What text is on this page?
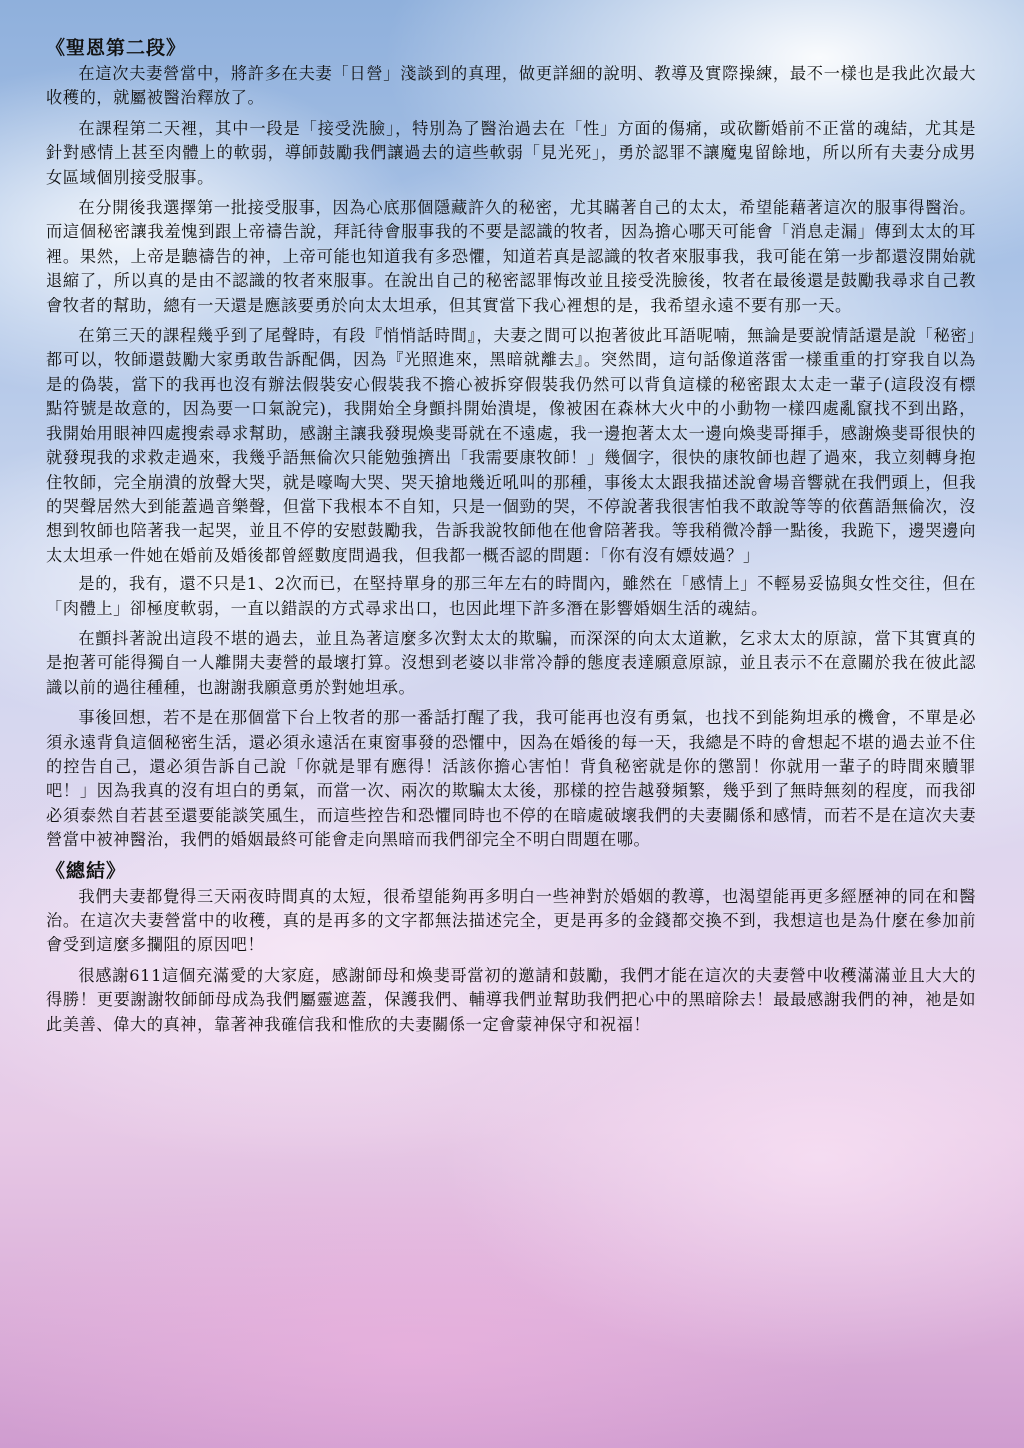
《聖恩第二段》

在這次夫妻營當中，將許多在夫妻「日營」淺談到的真理，做更詳細的說明、教導及實際操練，最不一樣也是我此次最大收穫的，就屬被醫治釋放了。

在課程第二天裡，其中一段是「接受洗臉」，特別為了醫治過去在「性」方面的傷痛，或砍斷婚前不正當的魂結，尤其是針對感情上甚至肉體上的軟弱，導師鼓勵我們讓過去的這些軟弱「見光死」，勇於認罪不讓魔鬼留餘地，所以所有夫妻分成男女區域個別接受服事。

在分開後我選擇第一批接受服事，因為心底那個隱藏許久的秘密，尤其瞞著自己的太太，希望能藉著這次的服事得醫治。而這個秘密讓我羞愧到跟上帝禱告說，拜託待會服事我的不要是認識的牧者，因為擔心哪天可能會「消息走漏」傳到太太的耳裡。果然，上帝是聽禱告的神，上帝可能也知道我有多恐懼，知道若真是認識的牧者來服事我，我可能在第一步都還沒開始就退縮了，所以真的是由不認識的牧者來服事。在說出自己的秘密認罪悔改並且接受洗臉後，牧者在最後還是鼓勵我尋求自己教會牧者的幫助，總有一天還是應該要勇於向太太坦承，但其實當下我心裡想的是，我希望永遠不要有那一天。

在第三天的課程幾乎到了尾聲時，有段『悄悄話時間』，夫妻之間可以抱著彼此耳語呢喃，無論是要說情話還是說「秘密」都可以，牧師還鼓勵大家勇敢告訴配偶，因為『光照進來，黑暗就離去』。突然間，這句話像道落雷一樣重重的打穿我自以為是的偽裝，當下的我再也沒有辦法假裝安心假裝我不擔心被拆穿假裝我仍然可以背負這樣的秘密跟太太走一輩子(這段沒有標點符號是故意的，因為要一口氣說完)，我開始全身顫抖開始潰堤，像被困在森林大火中的小動物一樣四處亂竄找不到出路，我開始用眼神四處搜索尋求幫助，感謝主讓我發現煥斐哥就在不遠處，我一邊抱著太太一邊向煥斐哥揮手，感謝煥斐哥很快的就發現我的求救走過來，我幾乎語無倫次只能勉強擠出「我需要康牧師！」幾個字，很快的康牧師也趕了過來，我立刻轉身抱住牧師，完全崩潰的放聲大哭，就是嚎啕大哭、哭天搶地幾近吼叫的那種，事後太太跟我描述說會場音響就在我們頭上，但我的哭聲居然大到能蓋過音樂聲，但當下我根本不自知，只是一個勁的哭，不停說著我很害怕我不敢說等等的依舊語無倫次，沒想到牧師也陪著我一起哭，並且不停的安慰鼓勵我，告訴我說牧師他在他會陪著我。等我稍微冷靜一點後，我跪下，邊哭邊向太太坦承一件她在婚前及婚後都曾經數度問過我，但我都一概否認的問題：「你有沒有嫖妓過？」

是的，我有，還不只是1、2次而已，在堅持單身的那三年左右的時間內，雖然在「感情上」不輕易妥協與女性交往，但在「肉體上」卻極度軟弱，一直以錯誤的方式尋求出口，也因此埋下許多潛在影響婚姻生活的魂結。

在顫抖著說出這段不堪的過去，並且為著這麼多次對太太的欺騙，而深深的向太太道歉，乞求太太的原諒，當下其實真的是抱著可能得獨自一人離開夫妻營的最壞打算。沒想到老婆以非常冷靜的態度表達願意原諒，並且表示不在意關於我在彼此認識以前的過往種種，也謝謝我願意勇於對她坦承。

事後回想，若不是在那個當下台上牧者的那一番話打醒了我，我可能再也沒有勇氣，也找不到能夠坦承的機會，不單是必須永遠背負這個秘密生活，還必須永遠活在東窗事發的恐懼中，因為在婚後的每一天，我總是不時的會想起不堪的過去並不住的控告自己，還必須告訴自己說「你就是罪有應得！活該你擔心害怕！背負秘密就是你的懲罰！你就用一輩子的時間來贖罪吧！」因為我真的沒有坦白的勇氣，而當一次、兩次的欺騙太太後，那樣的控告越發頻繁，幾乎到了無時無刻的程度，而我卻必須泰然自若甚至還要能談笑風生，而這些控告和恐懼同時也不停的在暗處破壞我們的夫妻關係和感情，而若不是在這次夫妻營當中被神醫治，我們的婚姻最終可能會走向黑暗而我們卻完全不明白問題在哪。

《總結》

我們夫妻都覺得三天兩夜時間真的太短，很希望能夠再多明白一些神對於婚姻的教導，也渴望能再更多經歷神的同在和醫治。在這次夫妻營當中的收穫，真的是再多的文字都無法描述完全，更是再多的金錢都交換不到，我想這也是為什麼在參加前會受到這麼多攔阻的原因吧！

很感謝611這個充滿愛的大家庭，感謝師母和煥斐哥當初的邀請和鼓勵，我們才能在這次的夫妻營中收穫滿滿並且大大的得勝！更要謝謝牧師師母成為我們屬靈遮蓋，保護我們、輔導我們並幫助我們把心中的黑暗除去！最最感謝我們的神，祂是如此美善、偉大的真神，靠著神我確信我和惟欣的夫妻關係一定會蒙神保守和祝福！
